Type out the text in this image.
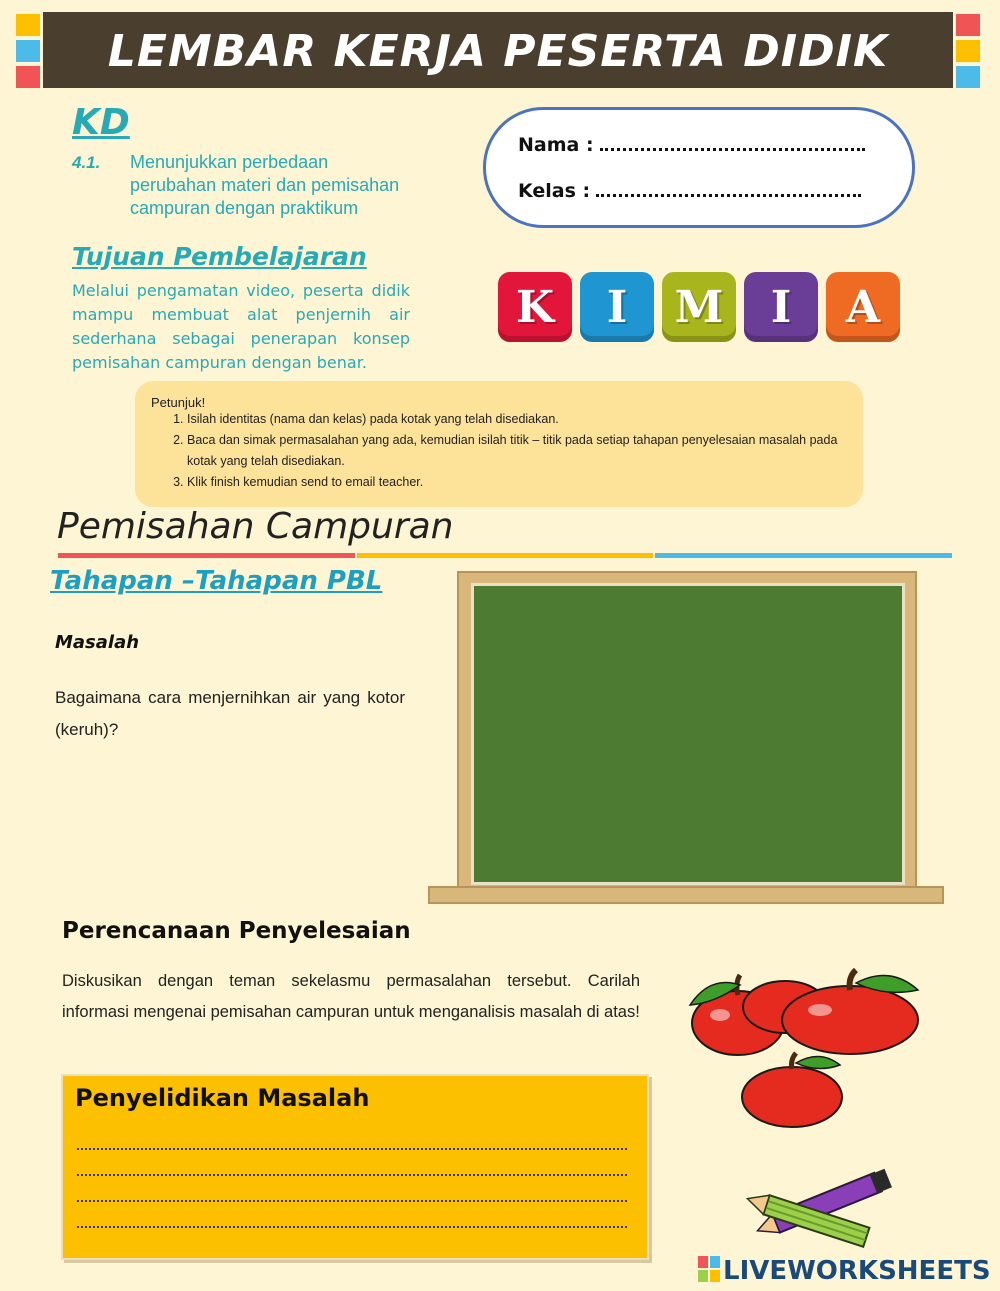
LEMBAR KERJA PESERTA DIDIK
KD
4.1. Menunjukkan perbedaan perubahan materi dan pemisahan campuran dengan praktikum
Tujuan Pembelajaran
Melalui pengamatan video, peserta didik mampu membuat alat penjernih air sederhana sebagai penerapan konsep pemisahan campuran dengan benar.
Nama :
Kelas :
K	I	M	I	A
Petunjuk!
1. Isilah identitas (nama dan kelas) pada kotak yang telah disediakan.
2. Baca dan simak permasalahan yang ada, kemudian isilah titik – titik pada setiap tahapan penyelesaian masalah pada kotak yang telah disediakan.
3. Klik finish kemudian send to email teacher.
Pemisahan Campuran
Tahapan –Tahapan PBL
Masalah
Bagaimana cara menjernihkan air yang kotor (keruh)?
Perencanaan Penyelesaian
Diskusikan dengan teman sekelasmu permasalahan tersebut. Carilah informasi mengenai pemisahan campuran untuk menganalisis masalah di atas!
Penyelidikan Masalah
LIVEWORKSHEETS
